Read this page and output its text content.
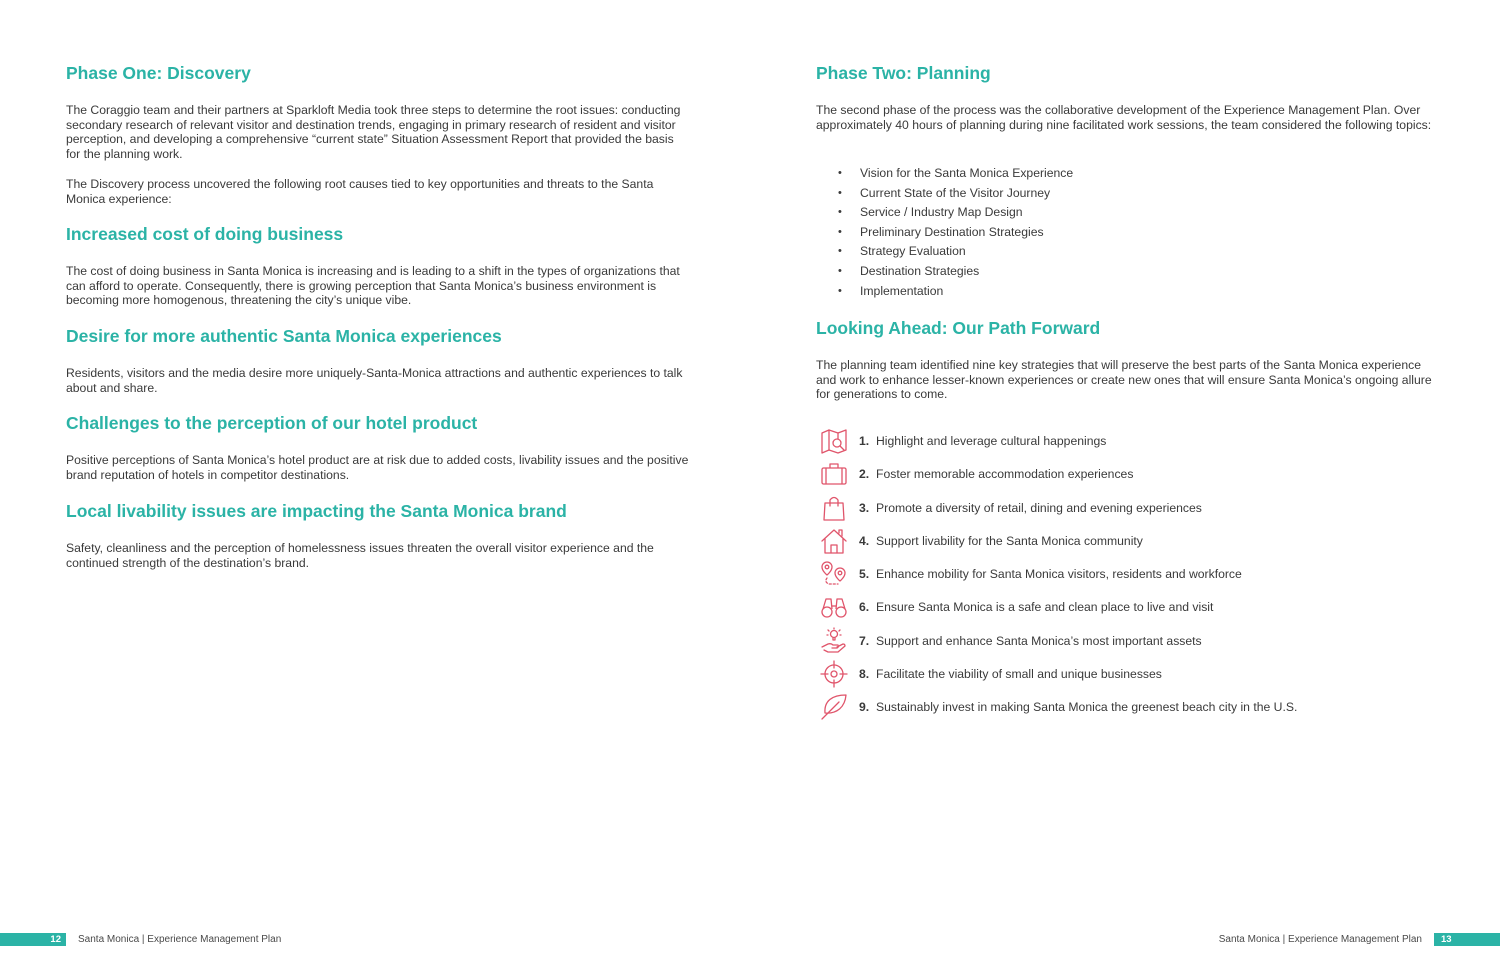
Phase One: Discovery

The Coraggio team and their partners at Sparkloft Media took three steps to determine the root issues: conducting secondary research of relevant visitor and destination trends, engaging in primary research of resident and visitor perception, and developing a comprehensive “current state” Situation Assessment Report that provided the basis for the planning work.

The Discovery process uncovered the following root causes tied to key opportunities and threats to the Santa Monica experience:

Increased cost of doing business

The cost of doing business in Santa Monica is increasing and is leading to a shift in the types of organizations that can afford to operate. Consequently, there is growing perception that Santa Monica’s business environment is becoming more homogenous, threatening the city’s unique vibe.

Desire for more authentic Santa Monica experiences

Residents, visitors and the media desire more uniquely-Santa-Monica attractions and authentic experiences to talk about and share.

Challenges to the perception of our hotel product

Positive perceptions of Santa Monica’s hotel product are at risk due to added costs, livability issues and the positive brand reputation of hotels in competitor destinations.

Local livability issues are impacting the Santa Monica brand

Safety, cleanliness and the perception of homelessness issues threaten the overall visitor experience and the continued strength of the destination’s brand.

Phase Two: Planning

The second phase of the process was the collaborative development of the Experience Management Plan. Over approximately 40 hours of planning during nine facilitated work sessions, the team considered the following topics:

• Vision for the Santa Monica Experience
• Current State of the Visitor Journey
• Service / Industry Map Design
• Preliminary Destination Strategies
• Strategy Evaluation
• Destination Strategies
• Implementation
Looking Ahead: Our Path Forward

The planning team identified nine key strategies that will preserve the best parts of the Santa Monica experience and work to enhance lesser-known experiences or create new ones that will ensure Santa Monica’s ongoing allure for generations to come.

1. Highlight and leverage cultural happenings
2. Foster memorable accommodation experiences
3. Promote a diversity of retail, dining and evening experiences
4. Support livability for the Santa Monica community
5. Enhance mobility for Santa Monica visitors, residents and workforce
6. Ensure Santa Monica is a safe and clean place to live and visit
7. Support and enhance Santa Monica’s most important assets
8. Facilitate the viability of small and unique businesses
9. Sustainably invest in making Santa Monica the greenest beach city in the U.S.
12 Santa Monica | Experience Management Plan	Santa Monica | Experience Management Plan	13
